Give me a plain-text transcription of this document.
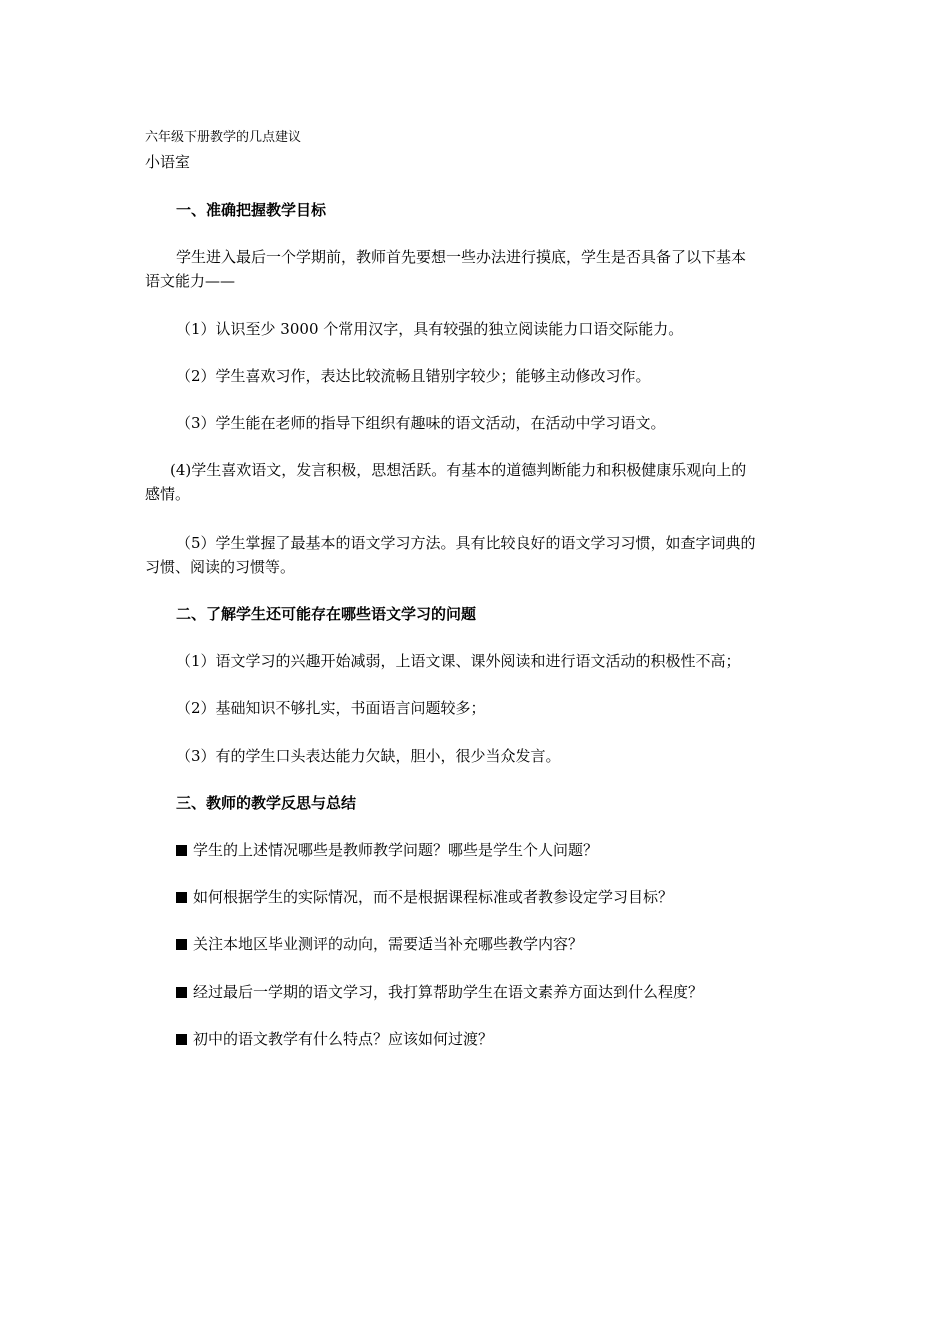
六年级下册教学的几点建议
小语室
一、准确把握教学目标
学生进入最后一个学期前，教师首先要想一些办法进行摸底，学生是否具备了以下基本
语文能力——
（1）认识至少 3000 个常用汉字，具有较强的独立阅读能力口语交际能力。
（2）学生喜欢习作，表达比较流畅且错别字较少；能够主动修改习作。
（3）学生能在老师的指导下组织有趣味的语文活动，在活动中学习语文。
(4)学生喜欢语文，发言积极，思想活跃。有基本的道德判断能力和积极健康乐观向上的
感情。
（5）学生掌握了最基本的语文学习方法。具有比较良好的语文学习习惯，如查字词典的
习惯、阅读的习惯等。
二、了解学生还可能存在哪些语文学习的问题
（1）语文学习的兴趣开始减弱，上语文课、课外阅读和进行语文活动的积极性不高；
（2）基础知识不够扎实，书面语言问题较多；
（3）有的学生口头表达能力欠缺，胆小，很少当众发言。
三、教师的教学反思与总结
学生的上述情况哪些是教师教学问题？哪些是学生个人问题？
如何根据学生的实际情况，而不是根据课程标准或者教参设定学习目标？
关注本地区毕业测评的动向，需要适当补充哪些教学内容？
经过最后一学期的语文学习，我打算帮助学生在语文素养方面达到什么程度？
初中的语文教学有什么特点？应该如何过渡？
